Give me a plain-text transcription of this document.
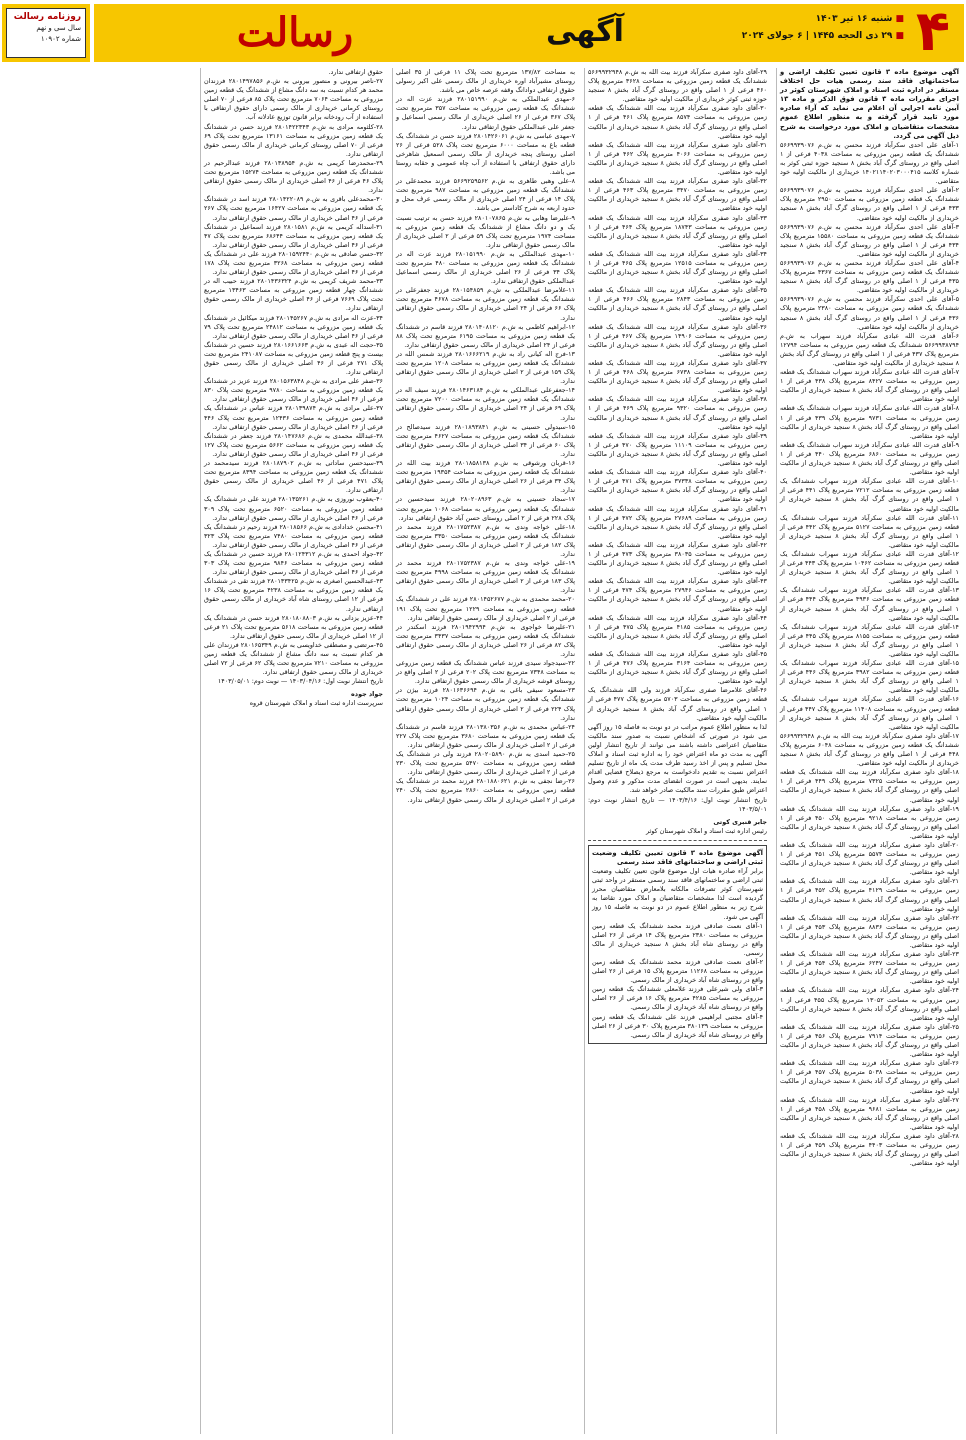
روزنامه رسالت
سال سی و نهم
شماره ۱۰۹۰۲	رسالت	آگهی	۴
■ شنبه ۱۶ تیر ۱۴۰۳
■ ۲۹ ذی الحجه ۱۴۴۵ | ۶ جولای ۲۰۲۴

آگهی موضوع ماده ۳ قانون تعیین تکلیف اراضی و ساختمانهای فاقد سند رسمی هیات حل اختلاف مستقر در اداره ثبت اسناد و املاک شهرستان کوثر در اجرای مقررات ماده ۳ قانون فوق الذکر و ماده ۱۳ آیین نامه اجرایی آن اعلام می نماید که آراء صادره مورد تایید قرار گرفته و به منظور اطلاع عموم مشخصات متقاضیان و املاک مورد درخواست به شرح ذیل آگهی می گردد.

۱-آقای علی احدی سکرآباد فرزند محسن به ش.م ۵۶۶۹۹۳۹۰۷۶ ششدانگ یک قطعه زمین مزروعی به مساحت ۴۰۳۸ فرعی از ۱ اصلی واقع در روستای گرگ آباد بخش ۸ سنجید حوزه ثبتی کوثر به شماره کلاسه ۱۴۰۲۱۱۴۰۲۰۳۰۰۰۴۱۵ خریداری از مالکیت اولیه خود متقاضی.

۲-آقای علی احدی سکرآباد فرزند محسن به ش.م ۵۶۶۹۹۳۹۰۷۶ ششدانگ یک قطعه زمین مزروعی به مساحت ۲۹۵۰ مترمربع پلاک ۴۳۳ فرعی از ۱ اصلی واقع در روستای گرگ آباد بخش ۸ سنجید خریداری از مالکیت اولیه خود متقاضی.

۳-آقای علی احدی سکرآباد فرزند محسن به ش.م ۵۶۶۹۹۳۹۰۷۶ ششدانگ یک قطعه زمین مزروعی به مساحت ۱۵۵۸۰ مترمربع پلاک ۴۳۴ فرعی از ۱ اصلی واقع در روستای گرگ آباد بخش ۸ سنجید خریداری از مالکیت اولیه خود متقاضی.

۴-آقای علی احدی سکرآباد فرزند محسن به ش.م ۵۶۶۹۹۳۹۰۷۶ ششدانگ یک قطعه زمین مزروعی به مساحت ۴۳۶۷ مترمربع پلاک ۴۳۵ فرعی از ۱ اصلی واقع در روستای گرگ آباد بخش ۸ سنجید خریداری از مالکیت اولیه خود متقاضی.

۵-آقای علی احدی سکرآباد فرزند محسن به ش.م ۵۶۶۹۹۳۹۰۷۶ ششدانگ یک قطعه زمین مزروعی به مساحت ۲۳۸۰ مترمربع پلاک ۴۳۶ فرعی از ۱ اصلی واقع در روستای گرگ آباد بخش ۸ سنجید خریداری از مالکیت اولیه خود متقاضی.

۶-آقای قدرت الله عبادی سکرآباد فرزند سهراب به ش.م ۵۶۶۹۹۳۸۷۹۴ ششدانگ یک قطعه زمین مزروعی به مساحت ۱۲۷۹۴ مترمربع پلاک ۴۳۷ فرعی از ۱ اصلی واقع در روستای گرگ آباد بخش ۸ سنجید خریداری از مالکیت اولیه خود متقاضی.

۷-آقای قدرت الله عبادی سکرآباد فرزند سهراب ششدانگ یک قطعه زمین مزروعی به مساحت ۸۴۲۷ مترمربع پلاک ۴۳۸ فرعی از ۱ اصلی واقع در روستای گرگ آباد بخش ۸ سنجید خریداری از مالکیت اولیه خود متقاضی.

۸-آقای قدرت الله عبادی سکرآباد فرزند سهراب ششدانگ یک قطعه زمین مزروعی به مساحت ۹۷۳۱ مترمربع پلاک ۴۳۹ فرعی از ۱ اصلی واقع در روستای گرگ آباد بخش ۸ سنجید خریداری از مالکیت اولیه خود متقاضی.

۹-آقای قدرت الله عبادی سکرآباد فرزند سهراب ششدانگ یک قطعه زمین مزروعی به مساحت ۶۸۶۰ مترمربع پلاک ۴۴۰ فرعی از ۱ اصلی واقع در روستای گرگ آباد بخش ۸ سنجید خریداری از مالکیت اولیه خود متقاضی.

۱۰-آقای قدرت الله عبادی سکرآباد فرزند سهراب ششدانگ یک قطعه زمین مزروعی به مساحت ۷۲۱۲ مترمربع پلاک ۴۴۱ فرعی از ۱ اصلی واقع در روستای گرگ آباد بخش ۸ سنجید خریداری از مالکیت اولیه خود متقاضی.

۱۱-آقای قدرت الله عبادی سکرآباد فرزند سهراب ششدانگ یک قطعه زمین مزروعی به مساحت ۵۱۲۷ مترمربع پلاک ۴۴۲ فرعی از ۱ اصلی واقع در روستای گرگ آباد بخش ۸ سنجید خریداری از مالکیت اولیه خود متقاضی.

۱۲-آقای قدرت الله عبادی سکرآباد فرزند سهراب ششدانگ یک قطعه زمین مزروعی به مساحت ۱۰۴۶۲ مترمربع پلاک ۴۴۳ فرعی از ۱ اصلی واقع در روستای گرگ آباد بخش ۸ سنجید خریداری از مالکیت اولیه خود متقاضی.

۱۳-آقای قدرت الله عبادی سکرآباد فرزند سهراب ششدانگ یک قطعه زمین مزروعی به مساحت ۴۹۳۶ مترمربع پلاک ۴۴۴ فرعی از ۱ اصلی واقع در روستای گرگ آباد بخش ۸ سنجید خریداری از مالکیت اولیه خود متقاضی.

۱۴-آقای قدرت الله عبادی سکرآباد فرزند سهراب ششدانگ یک قطعه زمین مزروعی به مساحت ۸۱۵۵ مترمربع پلاک ۴۴۵ فرعی از ۱ اصلی واقع در روستای گرگ آباد بخش ۸ سنجید خریداری از مالکیت اولیه خود متقاضی.

۱۵-آقای قدرت الله عبادی سکرآباد فرزند سهراب ششدانگ یک قطعه زمین مزروعی به مساحت ۳۹۸۲ مترمربع پلاک ۴۴۶ فرعی از ۱ اصلی واقع در روستای گرگ آباد بخش ۸ سنجید خریداری از مالکیت اولیه خود متقاضی.

۱۶-آقای قدرت الله عبادی سکرآباد فرزند سهراب ششدانگ یک قطعه زمین مزروعی به مساحت ۱۱۴۰۸ مترمربع پلاک ۴۴۷ فرعی از ۱ اصلی واقع در روستای گرگ آباد بخش ۸ سنجید خریداری از مالکیت اولیه خود متقاضی.

۱۷-آقای داود صفری سکرآباد فرزند بیت الله به ش.م ۵۶۶۹۹۳۲۹۴۸ ششدانگ یک قطعه زمین مزروعی به مساحت ۶۰۴۸ مترمربع پلاک ۴۴۸ فرعی از ۱ اصلی واقع در روستای گرگ آباد بخش ۸ سنجید خریداری از مالکیت اولیه خود متقاضی.

۱۸-آقای داود صفری سکرآباد فرزند بیت الله ششدانگ یک قطعه زمین مزروعی به مساحت ۷۳۲۵ مترمربع پلاک ۴۴۹ فرعی از ۱ اصلی واقع در روستای گرگ آباد بخش ۸ سنجید خریداری از مالکیت اولیه خود متقاضی.

۱۹-آقای داود صفری سکرآباد فرزند بیت الله ششدانگ یک قطعه زمین مزروعی به مساحت ۹۲۱۸ مترمربع پلاک ۴۵۰ فرعی از ۱ اصلی واقع در روستای گرگ آباد بخش ۸ سنجید خریداری از مالکیت اولیه خود متقاضی.

۲۰-آقای داود صفری سکرآباد فرزند بیت الله ششدانگ یک قطعه زمین مزروعی به مساحت ۵۵۷۴ مترمربع پلاک ۴۵۱ فرعی از ۱ اصلی واقع در روستای گرگ آباد بخش ۸ سنجید خریداری از مالکیت اولیه خود متقاضی.

۲۱-آقای داود صفری سکرآباد فرزند بیت الله ششدانگ یک قطعه زمین مزروعی به مساحت ۴۱۲۹ مترمربع پلاک ۴۵۲ فرعی از ۱ اصلی واقع در روستای گرگ آباد بخش ۸ سنجید خریداری از مالکیت اولیه خود متقاضی.

۲۲-آقای داود صفری سکرآباد فرزند بیت الله ششدانگ یک قطعه زمین مزروعی به مساحت ۸۸۳۶ مترمربع پلاک ۴۵۳ فرعی از ۱ اصلی واقع در روستای گرگ آباد بخش ۸ سنجید خریداری از مالکیت اولیه خود متقاضی.

۲۳-آقای داود صفری سکرآباد فرزند بیت الله ششدانگ یک قطعه زمین مزروعی به مساحت ۶۲۴۷ مترمربع پلاک ۴۵۴ فرعی از ۱ اصلی واقع در روستای گرگ آباد بخش ۸ سنجید خریداری از مالکیت اولیه خود متقاضی.

۲۴-آقای داود صفری سکرآباد فرزند بیت الله ششدانگ یک قطعه زمین مزروعی به مساحت ۱۳۰۵۲ مترمربع پلاک ۴۵۵ فرعی از ۱ اصلی واقع در روستای گرگ آباد بخش ۸ سنجید خریداری از مالکیت اولیه خود متقاضی.

۲۵-آقای داود صفری سکرآباد فرزند بیت الله ششدانگ یک قطعه زمین مزروعی به مساحت ۷۹۱۴ مترمربع پلاک ۴۵۶ فرعی از ۱ اصلی واقع در روستای گرگ آباد بخش ۸ سنجید خریداری از مالکیت اولیه خود متقاضی.

۲۶-آقای داود صفری سکرآباد فرزند بیت الله ششدانگ یک قطعه زمین مزروعی به مساحت ۵۰۳۸ مترمربع پلاک ۴۵۷ فرعی از ۱ اصلی واقع در روستای گرگ آباد بخش ۸ سنجید خریداری از مالکیت اولیه خود متقاضی.

۲۷-آقای داود صفری سکرآباد فرزند بیت الله ششدانگ یک قطعه زمین مزروعی به مساحت ۹۶۸۱ مترمربع پلاک ۴۵۸ فرعی از ۱ اصلی واقع در روستای گرگ آباد بخش ۸ سنجید خریداری از مالکیت اولیه خود متقاضی.

۲۸-آقای داود صفری سکرآباد فرزند بیت الله ششدانگ یک قطعه زمین مزروعی به مساحت ۴۴۰۳ مترمربع پلاک ۴۵۹ فرعی از ۱ اصلی واقع در روستای گرگ آباد بخش ۸ سنجید خریداری از مالکیت اولیه خود متقاضی.

۲۹-آقای داود صفری سکرآباد فرزند بیت الله به ش.م ۵۶۶۹۹۳۲۹۴۸ ششدانگ یک قطعه زمین مزروعی به مساحت ۳۶۲۸ مترمربع پلاک ۴۶۰ فرعی از ۱ اصلی واقع در روستای گرگ آباد بخش ۸ سنجید حوزه ثبتی کوثر خریداری از مالکیت اولیه خود متقاضی.

۳۰-آقای داود صفری سکرآباد فرزند بیت الله ششدانگ یک قطعه زمین مزروعی به مساحت ۸۵۷۴ مترمربع پلاک ۴۶۱ فرعی از ۱ اصلی واقع در روستای گرگ آباد بخش ۸ سنجید خریداری از مالکیت اولیه خود متقاضی.

۳۱-آقای داود صفری سکرآباد فرزند بیت الله ششدانگ یک قطعه زمین مزروعی به مساحت ۴۰۶۶ مترمربع پلاک ۴۶۲ فرعی از ۱ اصلی واقع در روستای گرگ آباد بخش ۸ سنجید خریداری از مالکیت اولیه خود متقاضی.

۳۲-آقای داود صفری سکرآباد فرزند بیت الله ششدانگ یک قطعه زمین مزروعی به مساحت ۳۴۷۰ مترمربع پلاک ۴۶۳ فرعی از ۱ اصلی واقع در روستای گرگ آباد بخش ۸ سنجید خریداری از مالکیت اولیه خود متقاضی.

۳۳-آقای داود صفری سکرآباد فرزند بیت الله ششدانگ یک قطعه زمین مزروعی به مساحت ۱۸۷۴۳ مترمربع پلاک ۴۶۴ فرعی از ۱ اصلی واقع در روستای گرگ آباد بخش ۸ سنجید خریداری از مالکیت اولیه خود متقاضی.

۳۴-آقای داود صفری سکرآباد فرزند بیت الله ششدانگ یک قطعه زمین مزروعی به مساحت ۱۲۵۱۵ مترمربع پلاک ۴۶۵ فرعی از ۱ اصلی واقع در روستای گرگ آباد بخش ۸ سنجید خریداری از مالکیت اولیه خود متقاضی.

۳۵-آقای داود صفری سکرآباد فرزند بیت الله ششدانگ یک قطعه زمین مزروعی به مساحت ۲۸۴۳ مترمربع پلاک ۴۶۶ فرعی از ۱ اصلی واقع در روستای گرگ آباد بخش ۸ سنجید خریداری از مالکیت اولیه خود متقاضی.

۳۶-آقای داود صفری سکرآباد فرزند بیت الله ششدانگ یک قطعه زمین مزروعی به مساحت ۱۴۹۰۶ مترمربع پلاک ۴۶۷ فرعی از ۱ اصلی واقع در روستای گرگ آباد بخش ۸ سنجید خریداری از مالکیت اولیه خود متقاضی.

۳۷-آقای داود صفری سکرآباد فرزند بیت الله ششدانگ یک قطعه زمین مزروعی به مساحت ۶۷۳۸ مترمربع پلاک ۴۶۸ فرعی از ۱ اصلی واقع در روستای گرگ آباد بخش ۸ سنجید خریداری از مالکیت اولیه خود متقاضی.

۳۸-آقای داود صفری سکرآباد فرزند بیت الله ششدانگ یک قطعه زمین مزروعی به مساحت ۹۳۲۰ مترمربع پلاک ۴۶۹ فرعی از ۱ اصلی واقع در روستای گرگ آباد بخش ۸ سنجید خریداری از مالکیت اولیه خود متقاضی.

۳۹-آقای داود صفری سکرآباد فرزند بیت الله ششدانگ یک قطعه زمین مزروعی به مساحت ۱۱۱۰۹ مترمربع پلاک ۴۷۰ فرعی از ۱ اصلی واقع در روستای گرگ آباد بخش ۸ سنجید خریداری از مالکیت اولیه خود متقاضی.

۴۰-آقای داود صفری سکرآباد فرزند بیت الله ششدانگ یک قطعه زمین مزروعی به مساحت ۳۷۳۳۸ مترمربع پلاک ۴۷۱ فرعی از ۱ اصلی واقع در روستای گرگ آباد بخش ۸ سنجید خریداری از مالکیت اولیه خود متقاضی.

۴۱-آقای داود صفری سکرآباد فرزند بیت الله ششدانگ یک قطعه زمین مزروعی به مساحت ۲۷۶۸۹ مترمربع پلاک ۴۷۲ فرعی از ۱ اصلی واقع در روستای گرگ آباد بخش ۸ سنجید خریداری از مالکیت اولیه خود متقاضی.

۴۲-آقای داود صفری سکرآباد فرزند بیت الله ششدانگ یک قطعه زمین مزروعی به مساحت ۳۸۰۳۵ مترمربع پلاک ۴۷۳ فرعی از ۱ اصلی واقع در روستای گرگ آباد بخش ۸ سنجید خریداری از مالکیت اولیه خود متقاضی.

۴۳-آقای داود صفری سکرآباد فرزند بیت الله ششدانگ یک قطعه زمین مزروعی به مساحت ۲۷۹۴۶ مترمربع پلاک ۴۷۴ فرعی از ۱ اصلی واقع در روستای گرگ آباد بخش ۸ سنجید خریداری از مالکیت اولیه خود متقاضی.

۴۴-آقای داود صفری سکرآباد فرزند بیت الله ششدانگ یک قطعه زمین مزروعی به مساحت ۴۱۸۵ مترمربع پلاک ۴۷۵ فرعی از ۱ اصلی واقع در روستای گرگ آباد بخش ۸ سنجید خریداری از مالکیت اولیه خود متقاضی.

۴۵-آقای داود صفری سکرآباد فرزند بیت الله ششدانگ یک قطعه زمین مزروعی به مساحت ۳۱۶۴ مترمربع پلاک ۴۷۶ فرعی از ۱ اصلی واقع در روستای گرگ آباد بخش ۸ سنجید خریداری از مالکیت اولیه خود متقاضی.

۴۶-آقای غلامرضا صفری سکرآباد فرزند ولی الله ششدانگ یک قطعه زمین مزروعی به مساحت ۵۷۰۳ مترمربع پلاک ۴۷۷ فرعی از ۱ اصلی واقع در روستای گرگ آباد بخش ۸ سنجید خریداری از مالکیت اولیه خود متقاضی.

لذا به منظور اطلاع عموم مراتب در دو نوبت به فاصله ۱۵ روز آگهی می شود در صورتی که اشخاص نسبت به صدور سند مالکیت متقاضیان اعتراضی داشته باشند می توانند از تاریخ انتشار اولین آگهی به مدت دو ماه اعتراض خود را به اداره ثبت اسناد و املاک محل تسلیم و پس از اخذ رسید ظرف مدت یک ماه از تاریخ تسلیم اعتراض نسبت به تقدیم دادخواست به مرجع ذیصلاح قضایی اقدام نمایند. بدیهی است در صورت انقضای مدت مذکور و عدم وصول اعتراض طبق مقررات سند مالکیت صادر خواهد شد.

تاریخ انتشار نوبت اول: ۱۴۰۳/۴/۱۶ — تاریخ انتشار نوبت دوم: ۱۴۰۳/۵/۰۱

جابر قنبری کوتی

رئیس اداره ثبت اسناد و املاک شهرستان کوثر

آگهی موضوع ماده ۳ قانون تعیین تکلیف وضعیت ثبتی اراضی و ساختمانهای فاقد سند رسمی

برابر آراء صادره هیات اول موضوع قانون تعیین تکلیف وضعیت ثبتی اراضی و ساختمانهای فاقد سند رسمی مستقر در واحد ثبتی شهرستان کوثر تصرفات مالکانه بلامعارض متقاضیان محرز گردیده است لذا مشخصات متقاضیان و املاک مورد تقاضا به شرح زیر به منظور اطلاع عموم در دو نوبت به فاصله ۱۵ روز آگهی می شود.

۱-آقای نعمت صادقی فرزند محمد ششدانگ یک قطعه زمین مزروعی به مساحت ۲۳۸۰ مترمربع پلاک ۱۴ فرعی از ۲۶ اصلی واقع در روستای شاه آباد بخش ۸ سنجید خریداری از مالک رسمی.

۲-آقای نعمت صادقی فرزند محمد ششدانگ یک قطعه زمین مزروعی به مساحت ۱۱۲۶۸ مترمربع پلاک ۱۵ فرعی از ۲۶ اصلی واقع در روستای شاه آباد خریداری از مالک رسمی.

۳-آقای ولی شیرعلی فرزند غلامعلی ششدانگ یک قطعه زمین مزروعی به مساحت ۴۲۸۵ مترمربع پلاک ۱۶ فرعی از ۲۶ اصلی واقع در روستای شاه آباد خریداری از مالک رسمی.

۴-آقای مجتبی ابراهیمی فرزند علی ششدانگ یک قطعه زمین مزروعی به مساحت ۳۸۰۱۳۹ مترمربع پلاک ۳۰ فرعی از ۲۶ اصلی واقع در روستای شاه آباد خریداری از مالک رسمی.

به مساحت ۱۳۷/۸۲ مترمربع تحت پلاک ۱۱ فرعی از ۳۵ اصلی روستای مشیرآباد اوره خریداری از مالک رسمی علی اکبر رسولی حقوق ارتفاقی دوادانگ وقفه عرصه خاص می باشد.

۶-مهدی عبدالملکی به ش.م ۲۸۰۱۵۱۹۹۰ فرزند عزت اله در ششدانگ یک قطعه زمین مزروعی به مساحت ۳۵۷ مترمربع تحت پلاک ۳۶۷ فرعی از ۲۶ اصلی خریداری از مالک رسمی اسماعیل و جعفر علی عبدالملکی حقوق ارتفاقی ندارد.

۷-مهدی عباسی به ش.م ۲۸۰۱۴۲۶۰۶۱ فرزند حسن در ششدانگ یک قطعه باغ به مساحت ۶۰۰۰ مترمربع تحت پلاک ۵۲۸ فرعی از ۲۶ اصلی روستای پنجه خریداری از مالک رسمی اسمعیل شاهرخی دارای حقوق ارتفاقی با استفاده از آب چاه عمومی و حقابه روستا می باشد.

۸-علی وهبی طاهری به ش.م ۵۶۶۹۲۵۹۵۶۲ فرزند محمدعلی در ششدانگ یک قطعه زمین مزروعی به مساحت ۹۸۷ مترمربع تحت پلاک ۱۴ فرعی از ۲۴ اصلی خریداری از مالک رسمی عرف محل و حدود اربعه به شرح کاداستر می باشد.

۹-علیرضا وهابی به ش.م ۲۸۰۱۰۷۸۶۵ فرزند حسن به ترتیب نسبت یک و دو دانگ مشاع از ششدانگ یک قطعه زمین مزروعی به مساحت ۱۹۷۴ مترمربع تحت پلاک ۵۹ فرعی از ۲ اصلی خریداری از مالک رسمی حقوق ارتفاقی ندارد.

۱۰-مهدی عبدالملکی به ش.م ۲۸۰۱۵۱۹۹۰ فرزند عزت اله در ششدانگ یک قطعه زمین مزروعی به مساحت ۴۸۰ مترمربع تحت پلاک ۳۴ فرعی از ۲۶ اصلی خریداری از مالک رسمی اسماعیل عبدالملکی حقوق ارتفاقی ندارد.

۱۱-غلامرضا عبدالملکی به ش.م ۲۸۰۱۵۴۸۵۹ فرزند جعفرعلی در ششدانگ یک قطعه زمین مزروعی به مساحت ۴۶۷۸ مترمربع تحت پلاک ۶۶ فرعی از ۲۴ اصلی خریداری از مالک رسمی حقوق ارتفاقی ندارد.

۱۲-ابراهیم کاظمی به ش.م ۲۸۰۱۴۰۸۱۲۰ فرزند قاسم در ششدانگ یک قطعه زمین مزروعی به مساحت ۶۱۹۵ مترمربع تحت پلاک ۸۸ فرعی از ۲۴ اصلی خریداری از مالک رسمی حقوق ارتفاقی ندارد.

۱۳-فرج اله کیانی راد به ش.م ۲۸۰۱۶۶۶۲۱۹ فرزند شمس الله در ششدانگ یک قطعه زمین مزروعی به مساحت ۱۲۰۸ مترمربع تحت پلاک ۱۵۹ فرعی از ۲ اصلی خریداری از مالک رسمی حقوق ارتفاقی ندارد.

۱۴-جعفرعلی عبدالملکی به ش.م ۲۸۰۱۴۶۳۱۸۴ فرزند سیف اله در ششدانگ یک قطعه زمین مزروعی به مساحت ۷۲۰۰ مترمربع تحت پلاک ۶۹ فرعی از ۲۴ اصلی خریداری از مالک رسمی حقوق ارتفاقی ندارد.

۱۵-سیدولی حسینی به ش.م ۲۸۰۱۸۹۳۸۴۱ فرزند سیدصالح در ششدانگ یک قطعه زمین مزروعی به مساحت ۴۶۲۷ مترمربع تحت پلاک ۶۰ فرعی از ۳۴ اصلی خریداری از مالک رسمی حقوق ارتفاقی ندارد.

۱۶-قربان ورشوقی به ش.م ۲۸۰۱۸۵۸۱۳۸ فرزند بیت الله در ششدانگ یک قطعه زمین مزروعی به مساحت ۱۹۳۵۴ مترمربع تحت پلاک ۳۴ فرعی از ۲۶ اصلی خریداری از مالک رسمی حقوق ارتفاقی ندارد.

۱۷-سجاد حسینی به ش.م ۲۸۰۲۰۸۹۶۳ فرزند سیدحسین در ششدانگ یک قطعه زمین مزروعی به مساحت ۱۰۶۸ مترمربع تحت پلاک ۲۲۸ فرعی از ۲ اصلی روستای حسن آباد حقوق ارتفاقی ندارد.

۱۸-علی خواجه وندی به ش.م ۲۸۰۱۷۵۲۳۸۷ فرزند محمد در ششدانگ یک قطعه زمین مزروعی به مساحت ۳۳۵۰ مترمربع تحت پلاک ۱۸۲ فرعی از ۲ اصلی خریداری از مالک رسمی حقوق ارتفاقی ندارد.

۱۹-علی خواجه وندی به ش.م ۲۸۰۱۷۵۲۳۸۷ فرزند محمد در ششدانگ یک قطعه زمین مزروعی به مساحت ۴۹۹۸ مترمربع تحت پلاک ۱۸۳ فرعی از ۲ اصلی خریداری از مالک رسمی حقوق ارتفاقی ندارد.

۲۰-محمد محمدی به ش.م ۲۸۰۱۴۵۲۶۷۷ فرزند علی در ششدانگ یک قطعه زمین مزروعی به مساحت ۱۲۲۹ مترمربع تحت پلاک ۱۹۱ فرعی از ۲ اصلی خریداری از مالک رسمی حقوق ارتفاقی ندارد.

۲۱-علیرضا خواجوی به ش.م ۲۸۰۱۹۴۲۹۹۴ فرزند اسکندر در ششدانگ یک قطعه زمین مزروعی به مساحت ۳۴۳۷ مترمربع تحت پلاک ۸۲ فرعی از ۲۶ اصلی خریداری از مالک رسمی حقوق ارتفاقی ندارد.

۲۲-سیدجواد سیدی فرزند عباس ششدانگ یک قطعه زمین مزروعی به مساحت ۷۳۴۸ مترمربع تحت پلاک ۲۰۲ فرعی از ۲ اصلی واقع در روستای قوشه خریداری از مالک رسمی حقوق ارتفاقی ندارد.

۲۳-مسعود سیفی باغی به ش.م ۲۸۰۱۶۳۶۶۹۴ فرزند بیژن در ششدانگ یک قطعه زمین مزروعی به مساحت ۱۰۲۴ مترمربع تحت پلاک ۲۲۴ فرعی از ۲ اصلی خریداری از مالک رسمی حقوق ارتفاقی ندارد.

۲۴-عباس محمدی به ش.م ۲۸۰۱۳۸۰۳۵۶ فرزند قاسم در ششدانگ یک قطعه زمین مزروعی به مساحت ۳۶۸۰ مترمربع تحت پلاک ۲۲۷ فرعی از ۲ اصلی خریداری از مالک رسمی حقوق ارتفاقی ندارد.

۲۵-حمید اسدی به ش.م ۲۸۰۲۰۵۸۹۰ فرزند ولی در ششدانگ یک قطعه زمین مزروعی به مساحت ۵۴۷۰ مترمربع تحت پلاک ۲۳۰ فرعی از ۲ اصلی خریداری از مالک رسمی حقوق ارتفاقی ندارد.

۲۶-رضا نجفی به ش.م ۲۸۰۱۸۸۰۶۲۱ فرزند محمد در ششدانگ یک قطعه زمین مزروعی به مساحت ۲۸۶۰ مترمربع تحت پلاک ۲۴۰ فرعی از ۲ اصلی خریداری از مالک رسمی حقوق ارتفاقی ندارد.

حقوق ارتفاقی ندارد.

۲۷-ناصر بیرونی و منصور بیرونی به ش.م ۲۸۰۱۴۹۷۸۵۶ فرزندان محمد هر کدام نسبت به سه دانگ مشاع از ششدانگ یک قطعه زمین مزروعی به مساحت ۷۰۶۴ مترمربع تحت پلاک ۸۵ فرعی از ۷۰ اصلی روستای کرمانی خریداری از مالک رسمی دارای حقوق ارتفاقی با استفاده از آب رودخانه برابر قانون توزیع عادلانه آب.

۲۸-کلثومه مرادی به ش.م ۲۸۰۱۴۲۲۳۴۳ فرزند حسن در ششدانگ یک قطعه زمین مزروعی به مساحت ۱۳۱۶۱ مترمربع تحت پلاک ۶۹ فرعی از ۷۰ اصلی روستای کرمانی خریداری از مالک رسمی حقوق ارتفاقی ندارد.

۲۹-محمدرضا کریمی به ش.م ۲۸۰۱۳۸۹۵۴ فرزند عبدالرحیم در ششدانگ یک قطعه زمین مزروعی به مساحت ۱۵۲۷۴ مترمربع تحت پلاک ۴۶ فرعی از ۴۶ اصلی خریداری از مالک رسمی حقوق ارتفاقی ندارد.

۳۰-محمدعلی باقری به ش.م ۲۸۰۱۴۲۲۰۸۹ فرزند اسد در ششدانگ یک قطعه زمین مزروعی به مساحت ۱۶۴۲۷ مترمربع تحت پلاک ۲۶۷ فرعی از ۴۶ اصلی خریداری از مالک رسمی حقوق ارتفاقی ندارد.

۳۱-اسداله کریمی به ش.م ۲۸۰۱۵۸۱ فرزند اسماعیل در ششدانگ یک قطعه زمین مزروعی به مساحت ۶۸۶۴۴ مترمربع تحت پلاک ۴۷ فرعی از ۴۶ اصلی خریداری از مالک رسمی حقوق ارتفاقی ندارد.

۳۲-حسن صادقی به ش.م ۲۸۰۱۵۹۲۴۴۰ فرزند علی در ششدانگ یک قطعه زمین مزروعی به مساحت ۳۲۶۸ مترمربع تحت پلاک ۱۷۸ فرعی از ۴۶ اصلی خریداری از مالک رسمی حقوق ارتفاقی ندارد.

۳۳-محمد شریف کریمی به ش.م ۲۸۰۱۴۳۶۳۲۴ فرزند حبیب اله در ششدانگ چهار قطعه زمین مزروعی به مساحت ۱۳۴۶۳ مترمربع تحت پلاک ۷۶۶۹ فرعی از ۴۶ اصلی خریداری از مالک رسمی حقوق ارتفاقی ندارد.

۳۴-عزت اله مرادی به ش.م ۲۸۰۱۴۵۲۶۷ فرزند میکائیل در ششدانگ یک قطعه زمین مزروعی به مساحت ۲۴۸۱۲ مترمربع تحت پلاک ۷۹ فرعی از ۴۶ اصلی خریداری از مالک رسمی حقوق ارتفاقی ندارد.

۳۵-حجت اله عبدی به ش.م ۲۸۰۱۶۶۱۶۶۳ فرزند حسین در ششدانگ بیست و پنج قطعه زمین مزروعی به مساحت ۲۴۱۰۸۷ مترمربع تحت پلاک ۲۷۱ فرعی از ۴۶ اصلی خریداری از مالک رسمی حقوق ارتفاقی ندارد.

۳۶-صفر علی مرادی به ش.م ۲۸۰۱۵۶۳۸۴۸ فرزند عزیز در ششدانگ یک قطعه زمین مزروعی به مساحت ۹۷۸۰ مترمربع تحت پلاک ۸۳۰ فرعی از ۴۶ اصلی خریداری از مالک رسمی حقوق ارتفاقی ندارد.

۳۷-علی مرادی به ش.م ۲۸۰۱۳۹۸۷۴ فرزند عباس در ششدانگ یک قطعه زمین مزروعی به مساحت ۱۲۴۳۶ مترمربع تحت پلاک ۴۴۶ فرعی از ۴۶ اصلی خریداری از مالک رسمی حقوق ارتفاقی ندارد.

۳۸-عبدالله محمدی به ش.م ۲۸۰۱۴۷۶۸۶ فرزند جعفر در ششدانگ یک قطعه زمین مزروعی به مساحت ۵۶۶۲ مترمربع تحت پلاک ۱۲۷ فرعی از ۴۶ اصلی خریداری از مالک رسمی حقوق ارتفاقی ندارد.

۳۹-سیدحسن ساداتی به ش.م ۲۸۰۱۸۷۹۰۲ فرزند سیدمحمد در ششدانگ یک قطعه زمین مزروعی به مساحت ۸۳۹۴ مترمربع تحت پلاک ۴۷۱ فرعی از ۴۶ اصلی خریداری از مالک رسمی حقوق ارتفاقی ندارد.

۴۰-یعقوب نوروزی به ش.م ۲۸۰۱۳۵۲۶۱ فرزند علی در ششدانگ یک قطعه زمین مزروعی به مساحت ۶۵۲۰ مترمربع تحت پلاک ۳۰۹ فرعی از ۴۶ اصلی خریداری از مالک رسمی حقوق ارتفاقی ندارد.

۴۱-محسن خدادادی به ش.م ۲۸۰۱۸۵۶۶ فرزند رحیم در ششدانگ یک قطعه زمین مزروعی به مساحت ۷۴۸۰ مترمربع تحت پلاک ۳۲۳ فرعی از ۴۶ اصلی خریداری از مالک رسمی حقوق ارتفاقی ندارد.

۴۲-جواد احمدی به ش.م ۲۸۰۱۲۴۳۱۲ فرزند حسین در ششدانگ یک قطعه زمین مزروعی به مساحت ۹۸۴۶ مترمربع تحت پلاک ۳۰۳ فرعی از ۴۶ اصلی خریداری از مالک رسمی حقوق ارتفاقی ندارد.

۴۳-عبدالحسین اصغری به ش.م ۲۸۰۱۳۳۴۲۵ فرزند تقی در ششدانگ یک قطعه زمین مزروعی به مساحت ۴۲۳۸ مترمربع تحت پلاک ۱۶ فرعی از ۱۲ اصلی روستای شاه آباد خریداری از مالک رسمی حقوق ارتفاقی ندارد.

۴۴-عزیز یزدانی به ش.م ۲۸۰۱۸۰۸۸۰۳ فرزند حسن در ششدانگ یک قطعه زمین مزروعی به مساحت ۵۶۱۸ مترمربع تحت پلاک ۲۱ فرعی از ۱۲ اصلی خریداری از مالک رسمی حقوق ارتفاقی ندارد.

۴۵-مرتضی و مصطفی خداویسی به ش.م ۲۸۰۱۶۵۳۴۹ فرزندان علی هر کدام نسبت به سه دانگ مشاع از ششدانگ یک قطعه زمین مزروعی به مساحت ۷۲۱۰ مترمربع تحت پلاک ۶۲ فرعی از ۷۲ اصلی خریداری از مالک رسمی حقوق ارتفاقی ندارد.

تاریخ انتشار نوبت اول: ۱۴۰۳/۰۴/۱۶ — نوبت دوم: ۱۴۰۳/۰۵/۰۱

جواد جوده

سرپرست اداره ثبت اسناد و املاک شهرستان قروه
